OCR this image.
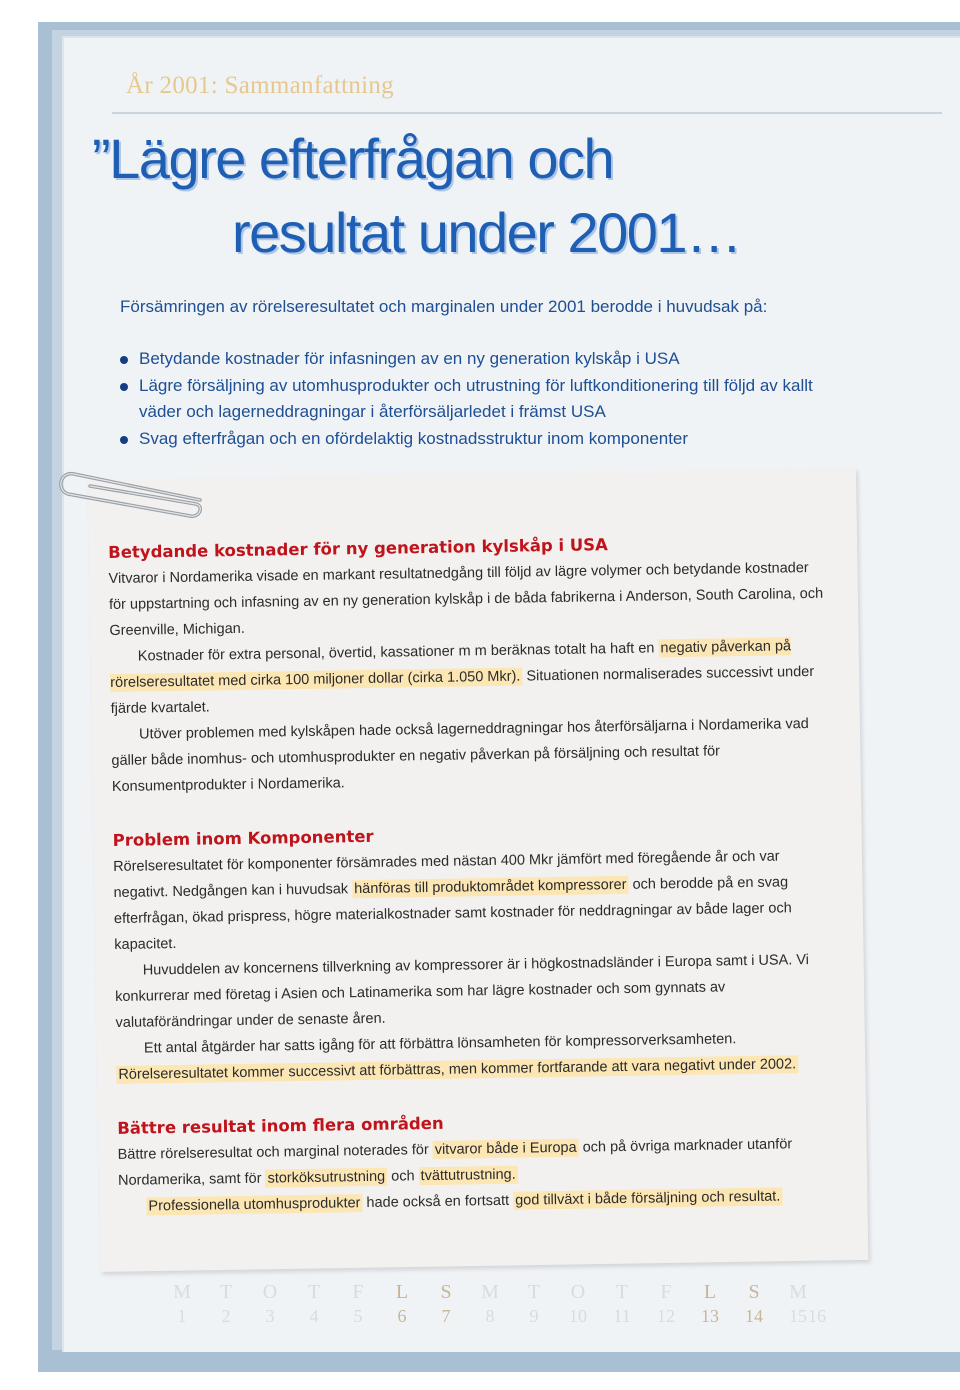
År 2001: Sammanfattning
”Lägre efterfrågan och
resultat under 2001…

Försämringen av rörelseresultatet och marginalen under 2001 berodde i huvudsak på:

Betydande kostnader för infasningen av en ny generation kylskåp i USA
Lägre försäljning av utomhusprodukter och utrustning för luftkonditionering till följd av kallt väder och lagerneddragningar i återförsäljarledet i främst USA
Svag efterfrågan och en ofördelaktig kostnadsstruktur inom komponenter
Betydande kostnader för ny generation kylskåp i USA

Vitvaror i Nordamerika visade en markant resultatnedgång till följd av lägre volymer och betydande kostnader för uppstartning och infasning av en ny generation kylskåp i de båda fabrikerna i Anderson, South Carolina, och Greenville, Michigan.

Kostnader för extra personal, övertid, kassationer m m beräknas totalt ha haft en negativ påverkan på rörelseresultatet med cirka 100 miljoner dollar (cirka 1.050 Mkr). Situationen normaliserades successivt under fjärde kvartalet.

Utöver problemen med kylskåpen hade också lagerneddragningar hos återförsäljarna i Nordamerika vad gäller både inomhus- och utomhusprodukter en negativ påverkan på försäljning och resultat för Konsumentprodukter i Nordamerika.

Problem inom Komponenter

Rörelseresultatet för komponenter försämrades med nästan 400 Mkr jämfört med föregående år och var negativt. Nedgången kan i huvudsak hänföras till produktområdet kompressorer och berodde på en svag efterfrågan, ökad prispress, högre materialkostnader samt kostnader för neddragningar av både lager och kapacitet.

Huvuddelen av koncernens tillverkning av kompressorer är i högkostnadsländer i Europa samt i USA. Vi konkurrerar med företag i Asien och Latinamerika som har lägre kostnader och som gynnats av valutaförändringar under de senaste åren.

Ett antal åtgärder har satts igång för att förbättra lönsamheten för kompressorverksamheten. Rörelseresultatet kommer successivt att förbättras, men kommer fortfarande att vara negativt under 2002.

Bättre resultat inom flera områden

Bättre rörelseresultat och marginal noterades för vitvaror både i Europa och på övriga marknader utanför Nordamerika, samt för storköksutrustning och tvättutrustning.

Professionella utomhusprodukter hade också en fortsatt god tillväxt i både försäljning och resultat.

M	T	O	T	F	L	S	M	T	O	T	F	L	S	M
1	2	3	4	5	6	7	8	9	10	11	12	13	14	15 16
